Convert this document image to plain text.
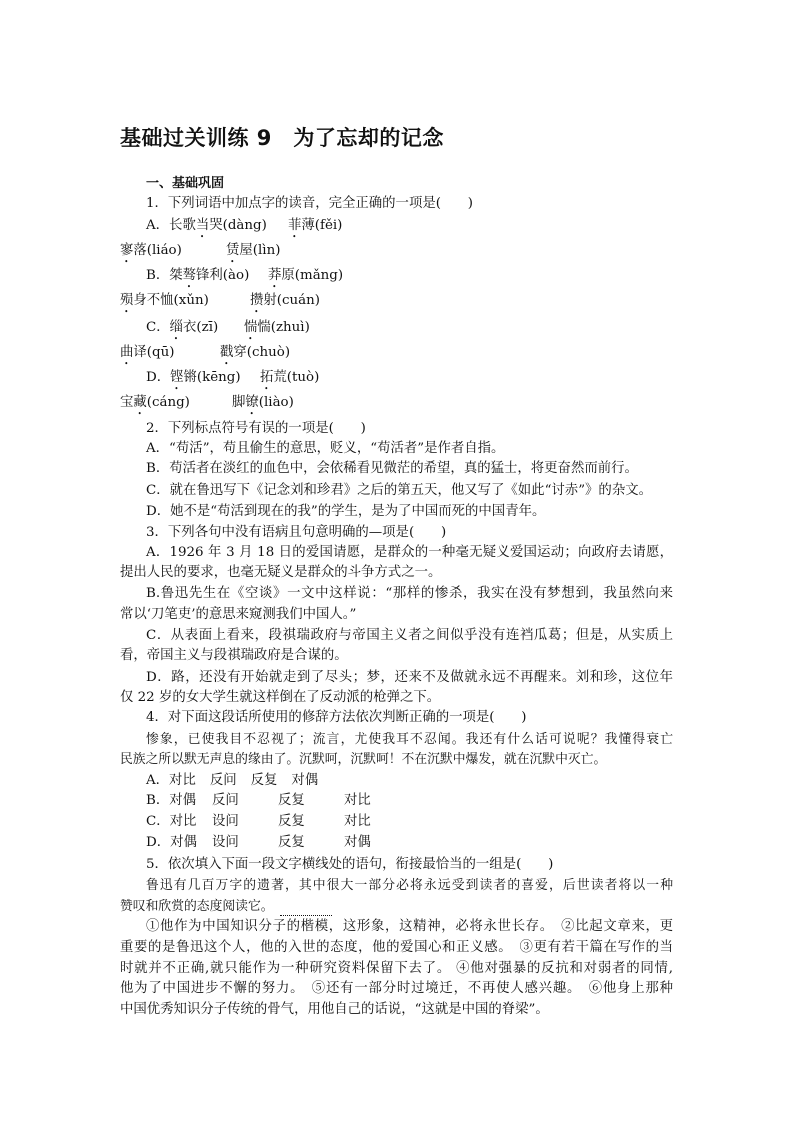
基础过关训练 9　为了忘却的记念
一、基础巩固
1．下列词语中加点字的读音，完全正确的一项是(　　)
A．长歌当哭(dàng) 菲薄(fěi)
寥落(liáo)	赁屋(lìn)
B．桀骜锋利(ào) 莽原(mǎng)
殒身不恤(xǔn)	攒射(cuán)
C．缁衣(zī) 惴惴(zhuì)
曲译(qū)	戳穿(chuò)
D．铿锵(kēng) 拓荒(tuò)
宝藏(cáng)	脚镣(liào)
2．下列标点符号有误的一项是(　　)
A．“苟活”，苟且偷生的意思，贬义，“苟活者”是作者自指。
B．苟活者在淡红的血色中，会依稀看见微茫的希望，真的猛士，将更奋然而前行。
C．就在鲁迅写下《记念刘和珍君》之后的第五天，他又写了《如此“讨赤”》的杂文。
D．她不是“苟活到现在的我”的学生，是为了中国而死的中国青年。
3．下列各句中没有语病且句意明确的—项是(　　)
A．1926 年 3 月 18 日的爱国请愿，是群众的一种毫无疑义爱国运动；向政府去请愿，
提出人民的要求，也毫无疑义是群众的斗争方式之一。
B.鲁迅先生在《空谈》一文中这样说：“那样的惨杀，我实在没有梦想到，我虽然向来
常以‘刀笔吏’的意思来窥测我们中国人。”
C．从表面上看来，段祺瑞政府与帝国主义者之间似乎没有连裆瓜葛；但是，从实质上
看，帝国主义与段祺瑞政府是合谋的。
D．路，还没有开始就走到了尽头；梦，还来不及做就永远不再醒来。刘和珍，这位年
仅 22 岁的女大学生就这样倒在了反动派的枪弹之下。
4．对下面这段话所使用的修辞方法依次判断正确的一项是(　　)
惨象，已使我目不忍视了；流言，尤使我耳不忍闻。我还有什么话可说呢？我懂得衰亡
民族之所以默无声息的缘由了。沉默呵，沉默呵！不在沉默中爆发，就在沉默中灭亡。
A．对比 反问 反复 对偶
B．对偶 反问	反复	对比
C．对比 设问	反复	对比
D．对偶 设问	反复	对偶
5．依次填入下面一段文字横线处的语句，衔接最恰当的一组是(　　)
鲁迅有几百万字的遗著，其中很大一部分必将永远受到读者的喜爱，后世读者将以一种
赞叹和欣赏的态度阅读它。
①他作为中国知识分子的楷模，这形象，这精神，必将永世长存。　②比起文章来，更
重要的是鲁迅这个人，他的入世的态度，他的爱国心和正义感。　③更有若干篇在写作的当
时就并不正确,就只能作为一种研究资料保留下去了。 ④他对强暴的反抗和对弱者的同情,
他为了中国进步不懈的努力。　⑤还有一部分时过境迁，不再使人感兴趣。　⑥他身上那种
中国优秀知识分子传统的骨气，用他自己的话说，“这就是中国的脊梁”。
